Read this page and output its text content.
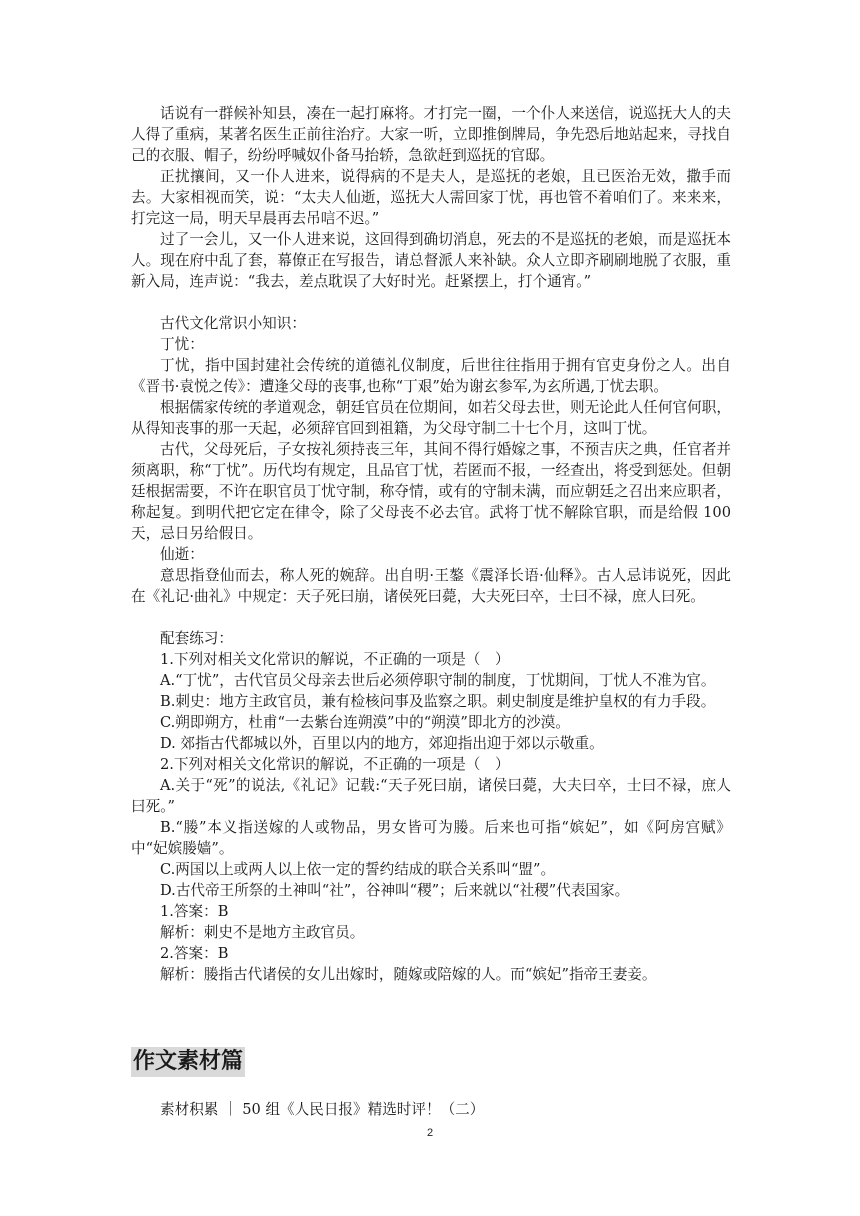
话说有一群候补知县，凑在一起打麻将。才打完一圈，一个仆人来送信，说巡抚大人的夫人得了重病，某著名医生正前往治疗。大家一听，立即推倒牌局，争先恐后地站起来，寻找自己的衣服、帽子，纷纷呼喊奴仆备马抬轿，急欲赶到巡抚的官邸。

正扰攘间，又一仆人进来，说得病的不是夫人，是巡抚的老娘，且已医治无效，撒手而去。大家相视而笑，说：“太夫人仙逝，巡抚大人需回家丁忧，再也管不着咱们了。来来来，打完这一局，明天早晨再去吊唁不迟。”

过了一会儿，又一仆人进来说，这回得到确切消息，死去的不是巡抚的老娘，而是巡抚本人。现在府中乱了套，幕僚正在写报告，请总督派人来补缺。众人立即齐刷刷地脱了衣服，重新入局，连声说：“我去，差点耽误了大好时光。赶紧摆上，打个通宵。”

古代文化常识小知识：

丁忧：

丁忧，指中国封建社会传统的道德礼仪制度，后世往往指用于拥有官吏身份之人。出自《晋书·袁悦之传》：遭逢父母的丧事,也称“丁艰”始为谢玄参军,为玄所遇,丁忧去职。

根据儒家传统的孝道观念，朝廷官员在位期间，如若父母去世，则无论此人任何官何职，从得知丧事的那一天起，必须辞官回到祖籍，为父母守制二十七个月，这叫丁忧。

古代，父母死后，子女按礼须持丧三年，其间不得行婚嫁之事，不预吉庆之典，任官者并须离职，称“丁忧”。历代均有规定，且品官丁忧，若匿而不报，一经查出，将受到惩处。但朝廷根据需要，不许在职官员丁忧守制，称夺情，或有的守制未满，而应朝廷之召出来应职者，称起复。到明代把它定在律令，除了父母丧不必去官。武将丁忧不解除官职，而是给假 100 天，忌日另给假日。

仙逝：

意思指登仙而去，称人死的婉辞。出自明·王鏊《震泽长语·仙释》。古人忌讳说死，因此在《礼记·曲礼》中规定：天子死曰崩，诸侯死曰薨，大夫死曰卒，士曰不禄，庶人曰死。

配套练习：

1.下列对相关文化常识的解说，不正确的一项是（　）

A.“丁忧”，古代官员父母亲去世后必须停职守制的制度，丁忧期间，丁忧人不准为官。

B.刺史：地方主政官员，兼有检核问事及监察之职。刺史制度是维护皇权的有力手段。

C.朔即朔方，杜甫“一去紫台连朔漠”中的“朔漠”即北方的沙漠。

D. 郊指古代都城以外，百里以内的地方，郊迎指出迎于郊以示敬重。

2.下列对相关文化常识的解说，不正确的一项是（　）

A.关于“死”的说法,《礼记》记载:“天子死曰崩，诸侯曰薨，大夫曰卒，士曰不禄，庶人曰死。”

B.“媵”本义指送嫁的人或物品，男女皆可为媵。后来也可指“嫔妃”，如《阿房宫赋》中“妃嫔媵嫱”。

C.两国以上或两人以上依一定的誓约结成的联合关系叫“盟”。

D.古代帝王所祭的土神叫“社”，谷神叫“稷”；后来就以“社稷”代表国家。

1.答案：B

解析：刺史不是地方主政官员。

2.答案：B

解析：媵指古代诸侯的女儿出嫁时，随嫁或陪嫁的人。而“嫔妃”指帝王妻妾。

作文素材篇

素材积累 ｜ 50 组《人民日报》精选时评！（二）

2
